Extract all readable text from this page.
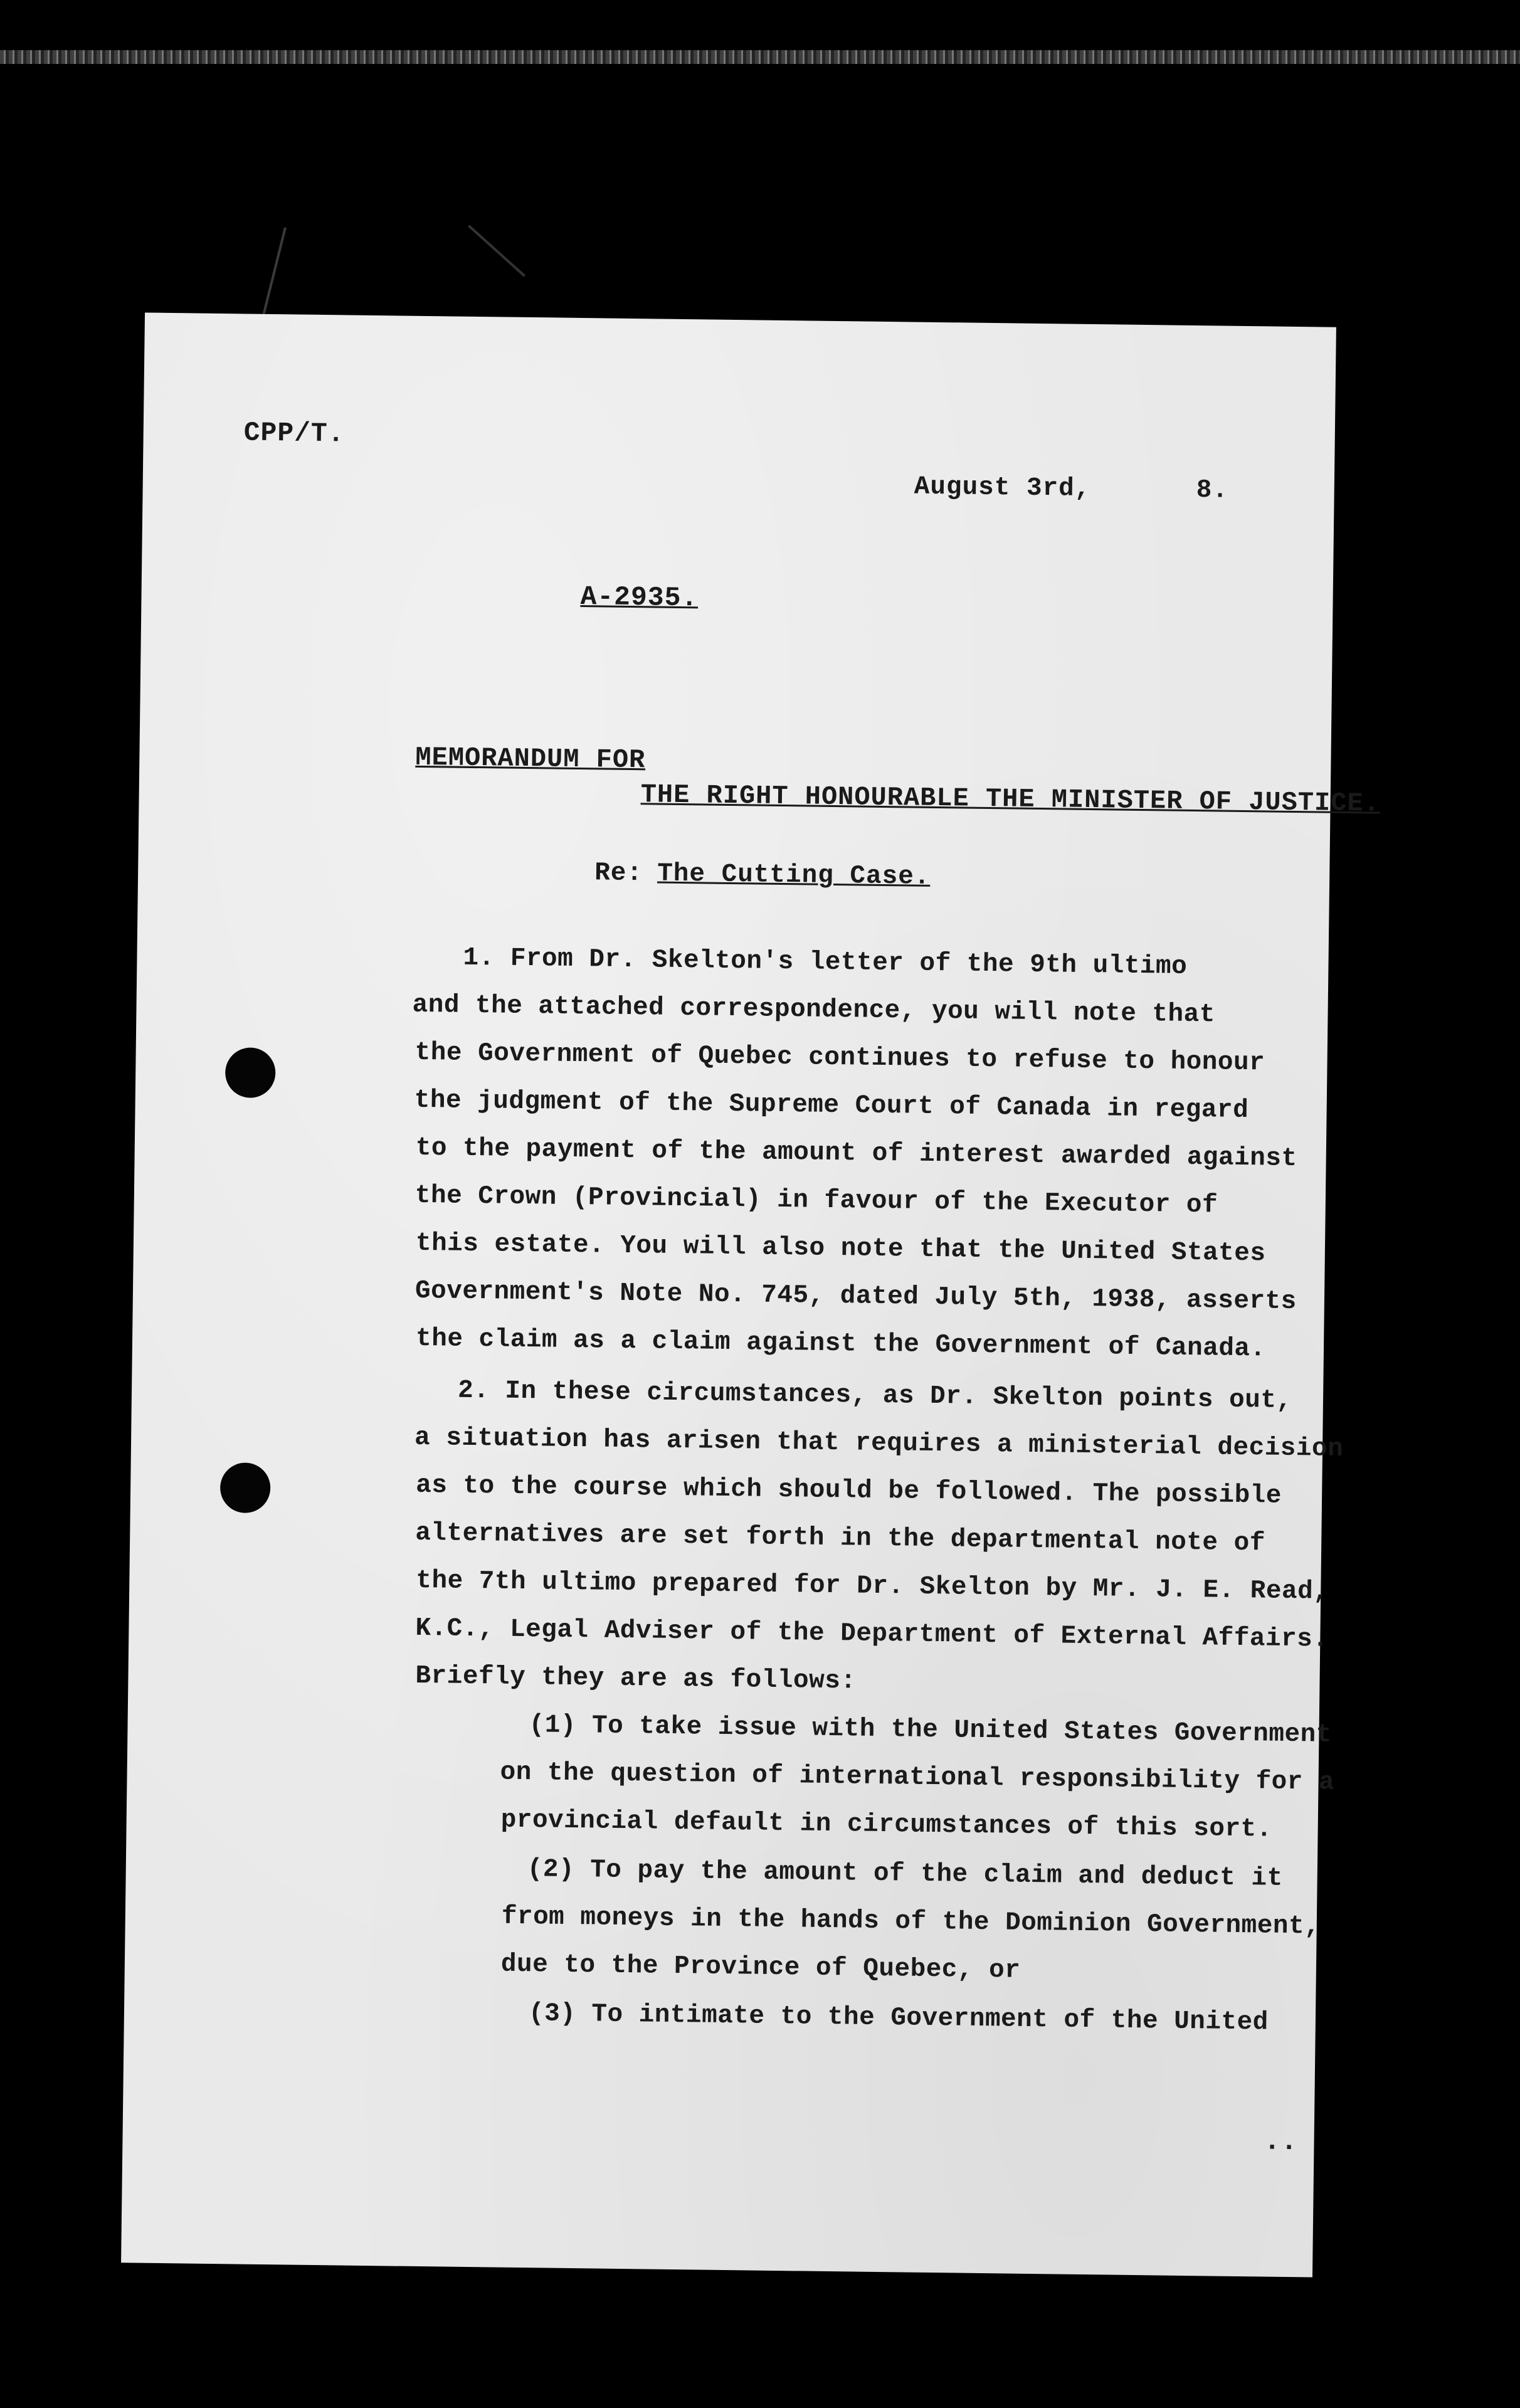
CPP/T.
August 3rd,	8.
A-2935.
MEMORANDUM FOR
THE RIGHT HONOURABLE THE MINISTER OF JUSTICE.
Re: The Cutting Case.
1. From Dr. Skelton's letter of the 9th ultimo
and the attached correspondence, you will note that
the Government of Quebec continues to refuse to honour
the judgment of the Supreme Court of Canada in regard
to the payment of the amount of interest awarded against
the Crown (Provincial) in favour of the Executor of
this estate. You will also note that the United States
Government's Note No. 745, dated July 5th, 1938, asserts
the claim as a claim against the Government of Canada.
2. In these circumstances, as Dr. Skelton points out,
a situation has arisen that requires a ministerial decision
as to the course which should be followed. The possible
alternatives are set forth in the departmental note of
the 7th ultimo prepared for Dr. Skelton by Mr. J. E. Read,
K.C., Legal Adviser of the Department of External Affairs.
Briefly they are as follows:
(1) To take issue with the United States Government
on the question of international responsibility for a
provincial default in circumstances of this sort.
(2) To pay the amount of the claim and deduct it
from moneys in the hands of the Dominion Government,
due to the Province of Quebec, or
(3) To intimate to the Government of the United
..
